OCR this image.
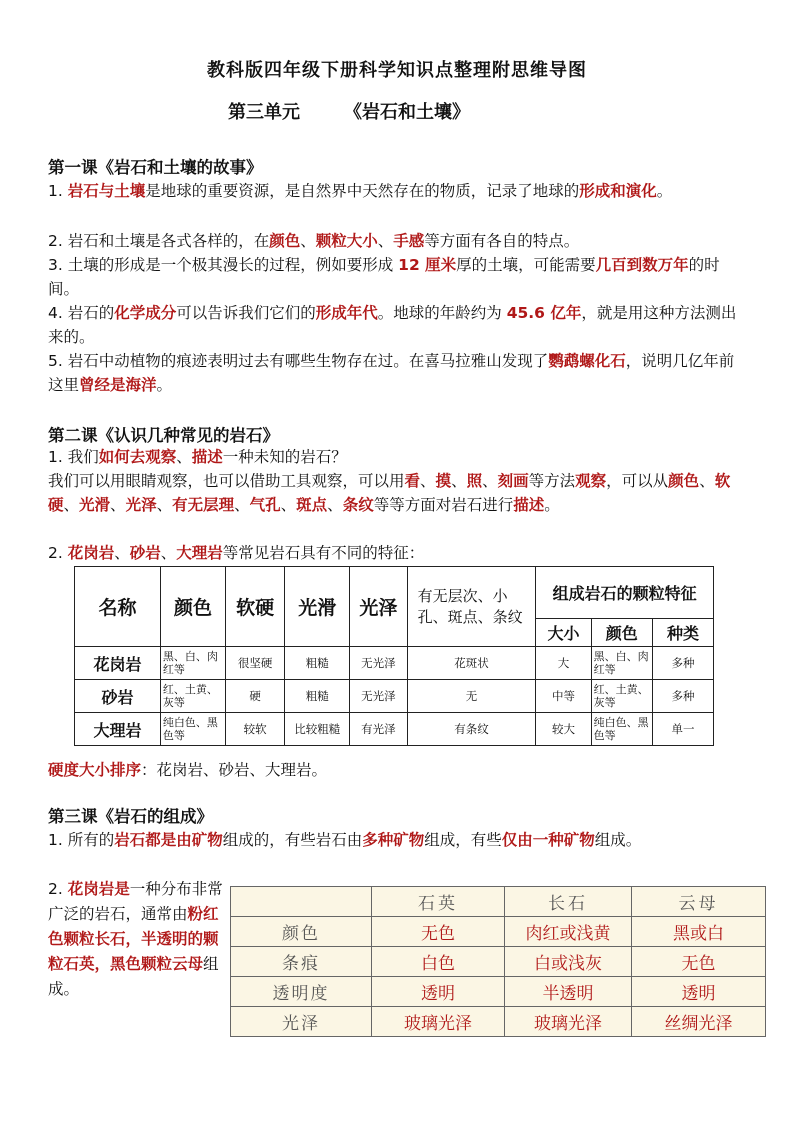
教科版四年级下册科学知识点整理附思维导图
第三单元 《岩石和土壤》
第一课《岩石和土壤的故事》
1. 岩石与土壤是地球的重要资源，是自然界中天然存在的物质，记录了地球的形成和演化。
2. 岩石和土壤是各式各样的，在颜色、颗粒大小、手感等方面有各自的特点。
3. 土壤的形成是一个极其漫长的过程，例如要形成 12 厘米厚的土壤，可能需要几百到数万年的时间。
4. 岩石的化学成分可以告诉我们它们的形成年代。地球的年龄约为 45.6 亿年，就是用这种方法测出来的。
5. 岩石中动植物的痕迹表明过去有哪些生物存在过。在喜马拉雅山发现了鹦鹉螺化石，说明几亿年前这里曾经是海洋。
第二课《认识几种常见的岩石》
1. 我们如何去观察、描述一种未知的岩石？
我们可以用眼睛观察，也可以借助工具观察，可以用看、摸、照、刻画等方法观察，可以从颜色、软硬、光滑、光泽、有无层理、气孔、斑点、条纹等等方面对岩石进行描述。
2. 花岗岩、砂岩、大理岩等常见岩石具有不同的特征：
名称	颜色	软硬	光滑	光泽	有无层次、小孔、斑点、条纹	组成岩石的颗粒特征		
						大小	颜色	种类
花岗岩	黑、白、肉红等	很坚硬	粗糙	无光泽	花斑状	大	黑、白、肉红等	多种
砂岩	红、土黄、灰等	硬	粗糙	无光泽	无	中等	红、土黄、灰等	多种
大理岩	纯白色、黑色等	较软	比较粗糙	有光泽	有条纹	较大	纯白色、黑色等	单一
硬度大小排序：花岗岩、砂岩、大理岩。
第三课《岩石的组成》
1. 所有的岩石都是由矿物组成的，有些岩石由多种矿物组成，有些仅由一种矿物组成。
2. 花岗岩是一种分布非常广泛的岩石，通常由粉红色颗粒长石，半透明的颗粒石英，黑色颗粒云母组成。
	石英	长石	云母
颜色	无色	肉红或浅黄	黑或白
条痕	白色	白或浅灰	无色
透明度	透明	半透明	透明
光泽	玻璃光泽	玻璃光泽	丝绸光泽
